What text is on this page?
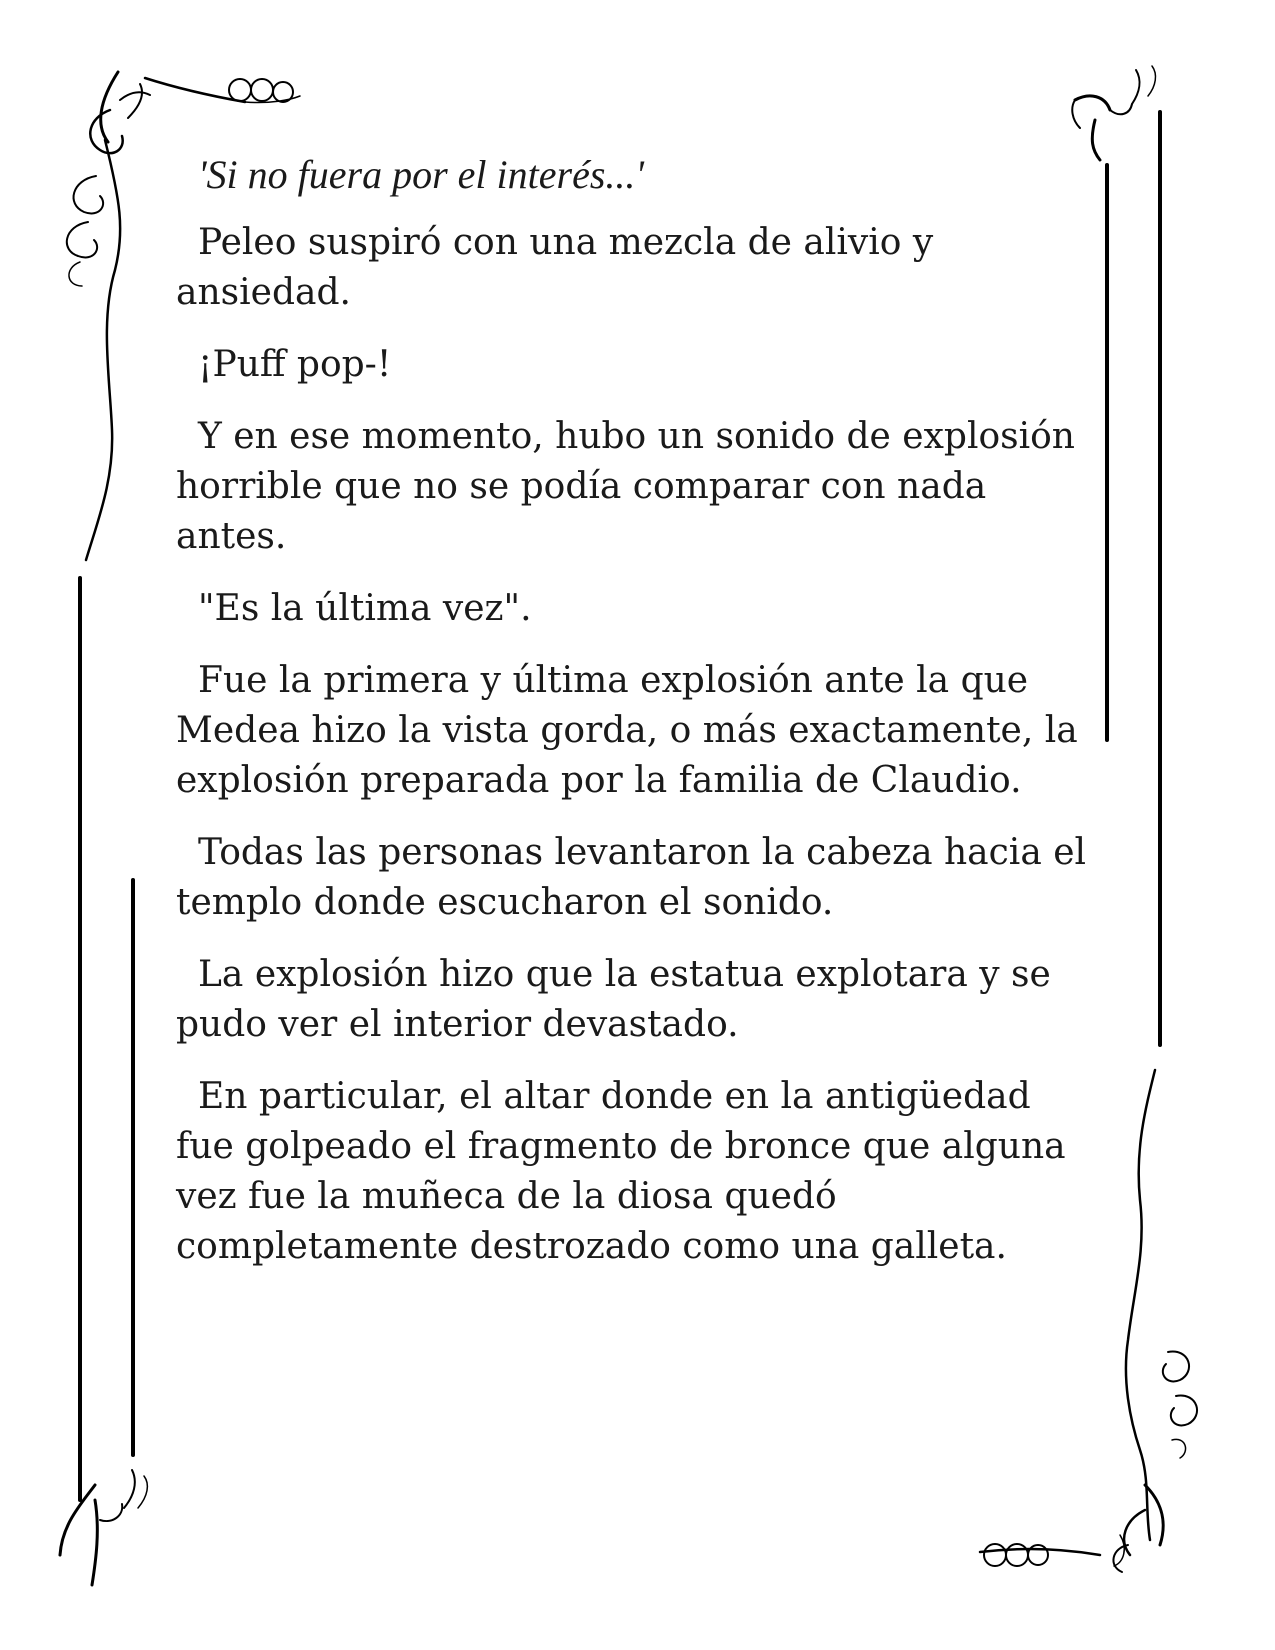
'Si no fuera por el interés...'

Peleo suspiró con una mezcla de alivio y ansiedad.

¡Puff pop-!

Y en ese momento, hubo un sonido de explosión horrible que no se podía comparar con nada antes.

"Es la última vez".

Fue la primera y última explosión ante la que Medea hizo la vista gorda, o más exactamente, la explosión preparada por la familia de Claudio.

Todas las personas levantaron la cabeza hacia el templo donde escucharon el sonido.

La explosión hizo que la estatua explotara y se pudo ver el interior devastado.

En particular, el altar donde en la antigüedad fue golpeado el fragmento de bronce que alguna vez fue la muñeca de la diosa quedó completamente destrozado como una galleta.
